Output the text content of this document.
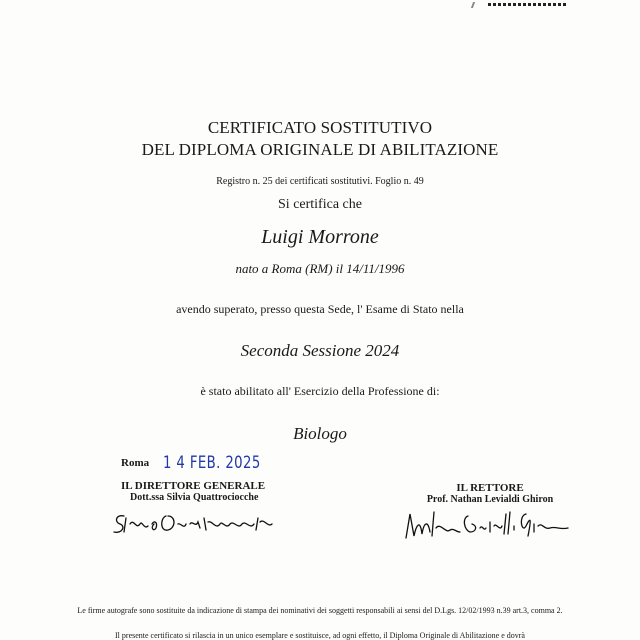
CERTIFICATO SOSTITUTIVO
DEL DIPLOMA ORIGINALE DI ABILITAZIONE
Registro n. 25 dei certificati sostitutivi. Foglio n. 49
Si certifica che
Luigi Morrone
nato a Roma (RM) il 14/11/1996
avendo superato, presso questa Sede, l' Esame di Stato nella
Seconda Sessione 2024
è stato abilitato all' Esercizio della Professione di:
Biologo
Roma 1 4 FEB. 2025
IL DIRETTORE GENERALE
Dott.ssa Silvia Quattrociocche
IL RETTORE
Prof. Nathan Levialdi Ghiron
Le firme autografe sono sostituite da indicazione di stampa dei nominativi dei soggetti responsabili ai sensi del D.Lgs. 12/02/1993 n.39 art.3, comma 2.
Il presente certificato si rilascia in un unico esemplare e sostituisce, ad ogni effetto, il Diploma Originale di Abilitazione e dovrà
